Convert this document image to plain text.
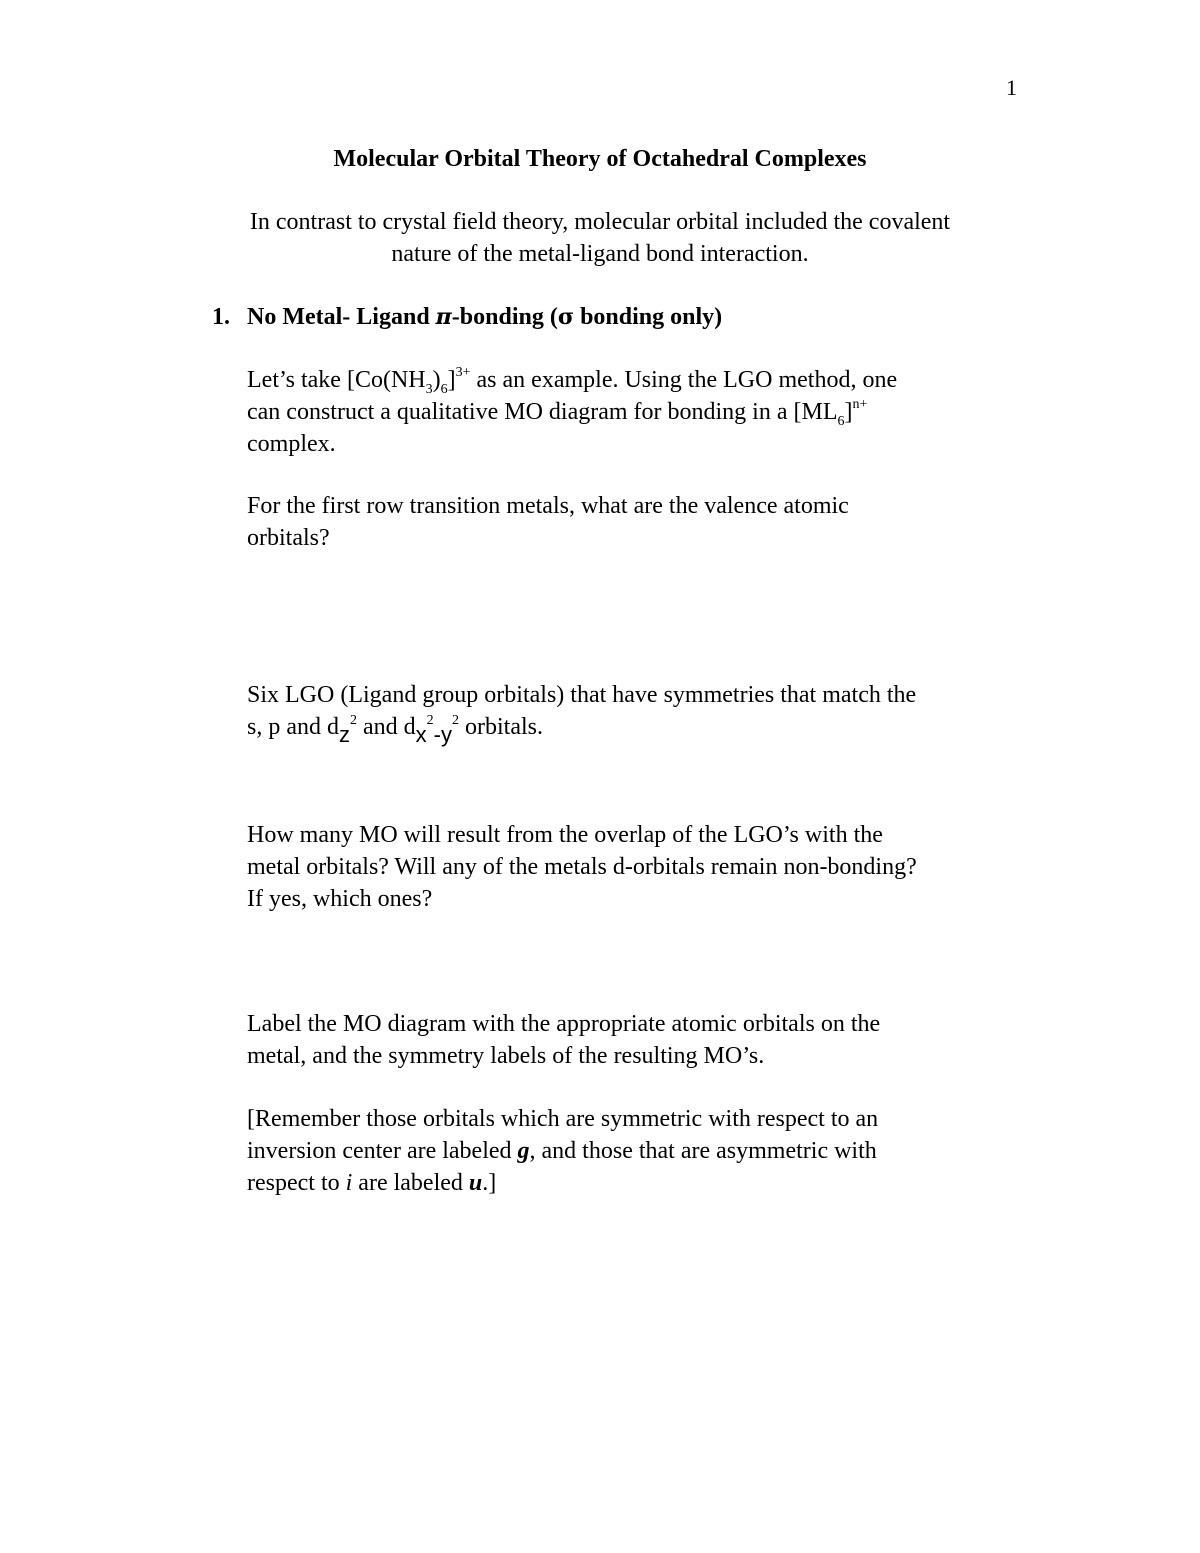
1
Molecular Orbital Theory of Octahedral Complexes

In contrast to crystal field theory, molecular orbital included the covalent
nature of the metal-ligand bond interaction.

1. No Metal- Ligand π-bonding (σ bonding only)

Let’s take $[Co(NH_3)_6]^{3+}$ as an example. Using the LGO method, one
can construct a qualitative MO diagram for bonding in a $[ML_6]^{n+}$
complex.
For the first row transition metals, what are the valence atomic
orbitals?
Six LGO (Ligand group orbitals) that have symmetries that match the
s, p and $dz^2$ and $dx^2-y^2$ orbitals.
How many MO will result from the overlap of the LGO’s with the
metal orbitals? Will any of the metals d-orbitals remain non-bonding?
If yes, which ones?
Label the MO diagram with the appropriate atomic orbitals on the
metal, and the symmetry labels of the resulting MO’s.
[Remember those orbitals which are symmetric with respect to an
inversion center are labeled g, and those that are asymmetric with
respect to i are labeled u.]
